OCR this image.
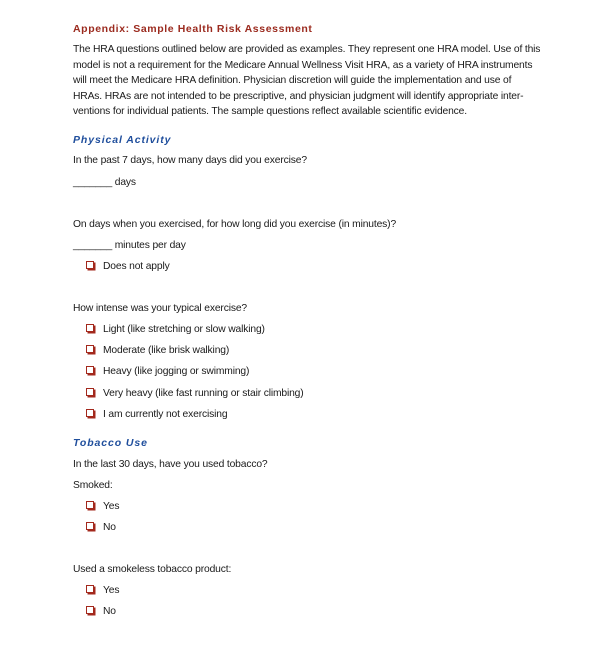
Appendix: Sample Health Risk Assessment
The HRA questions outlined below are provided as examples. They represent one HRA model. Use of this
model is not a requirement for the Medicare Annual Wellness Visit HRA, as a variety of HRA instruments
will meet the Medicare HRA definition. Physician discretion will guide the implementation and use of
HRAs. HRAs are not intended to be prescriptive, and physician judgment will identify appropriate inter-
ventions for individual patients. The sample questions reflect available scientific evidence.
Physical Activity
In the past 7 days, how many days did you exercise?
_______ days
On days when you exercised, for how long did you exercise (in minutes)?
_______ minutes per day
Does not apply
How intense was your typical exercise?
Light (like stretching or slow walking)
Moderate (like brisk walking)
Heavy (like jogging or swimming)
Very heavy (like fast running or stair climbing)
I am currently not exercising
Tobacco Use
In the last 30 days, have you used tobacco?
Smoked:
Yes
No
Used a smokeless tobacco product:
Yes
No
